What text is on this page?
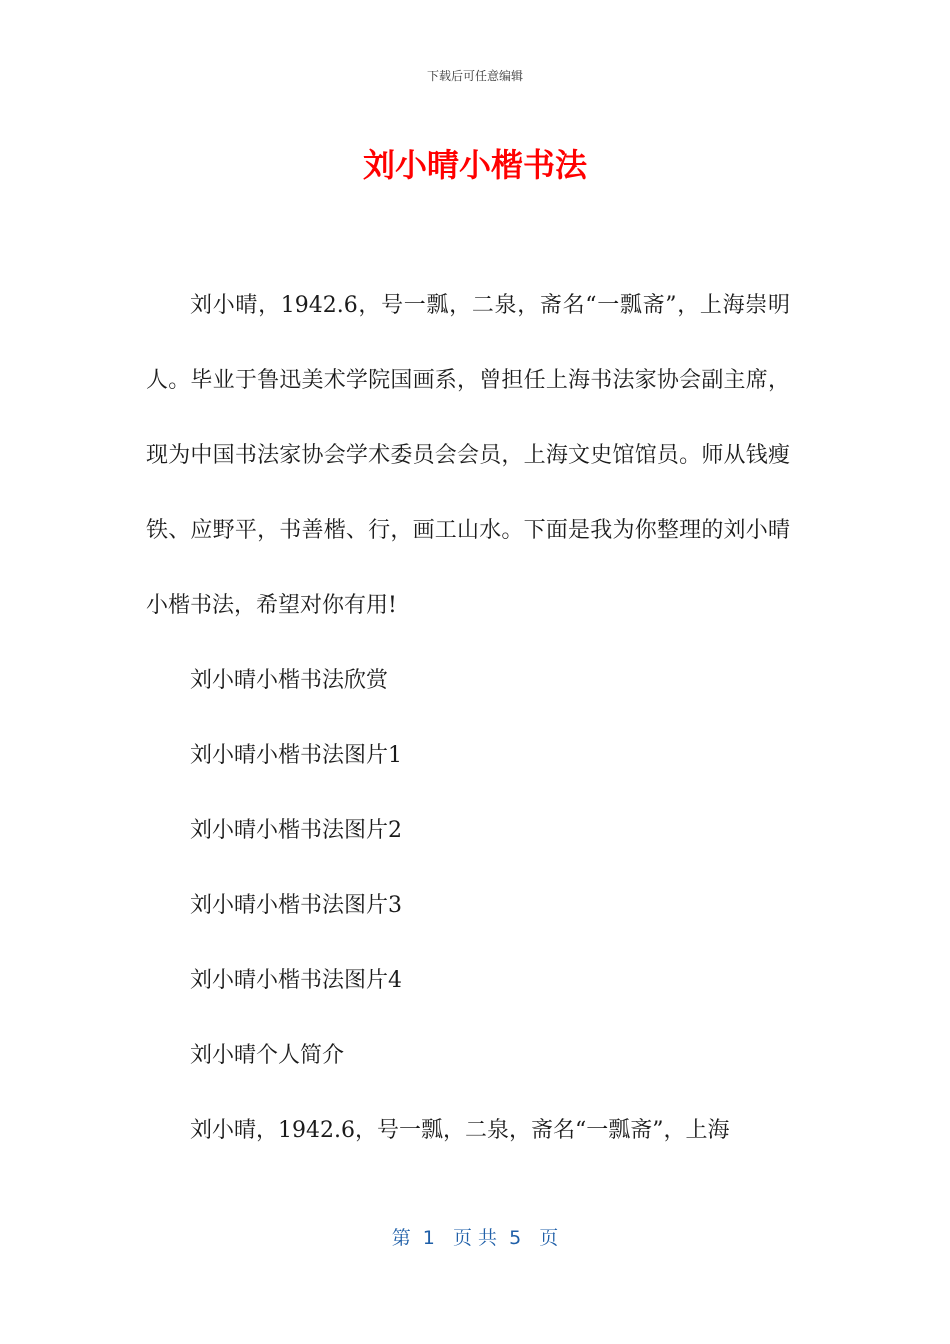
下载后可任意编辑
刘小晴小楷书法

刘小晴，1942.6，号一瓢，二泉，斋名“一瓢斋”，上海崇明人。毕业于鲁迅美术学院国画系，曾担任上海书法家协会副主席，现为中国书法家协会学术委员会会员，上海文史馆馆员。师从钱瘦铁、应野平，书善楷、行，画工山水。下面是我为你整理的刘小晴小楷书法，希望对你有用!

刘小晴小楷书法欣赏

刘小晴小楷书法图片1

刘小晴小楷书法图片2

刘小晴小楷书法图片3

刘小晴小楷书法图片4

刘小晴个人简介

刘小晴，1942.6，号一瓢，二泉，斋名“一瓢斋”，上海

第  1   页 共  5   页
